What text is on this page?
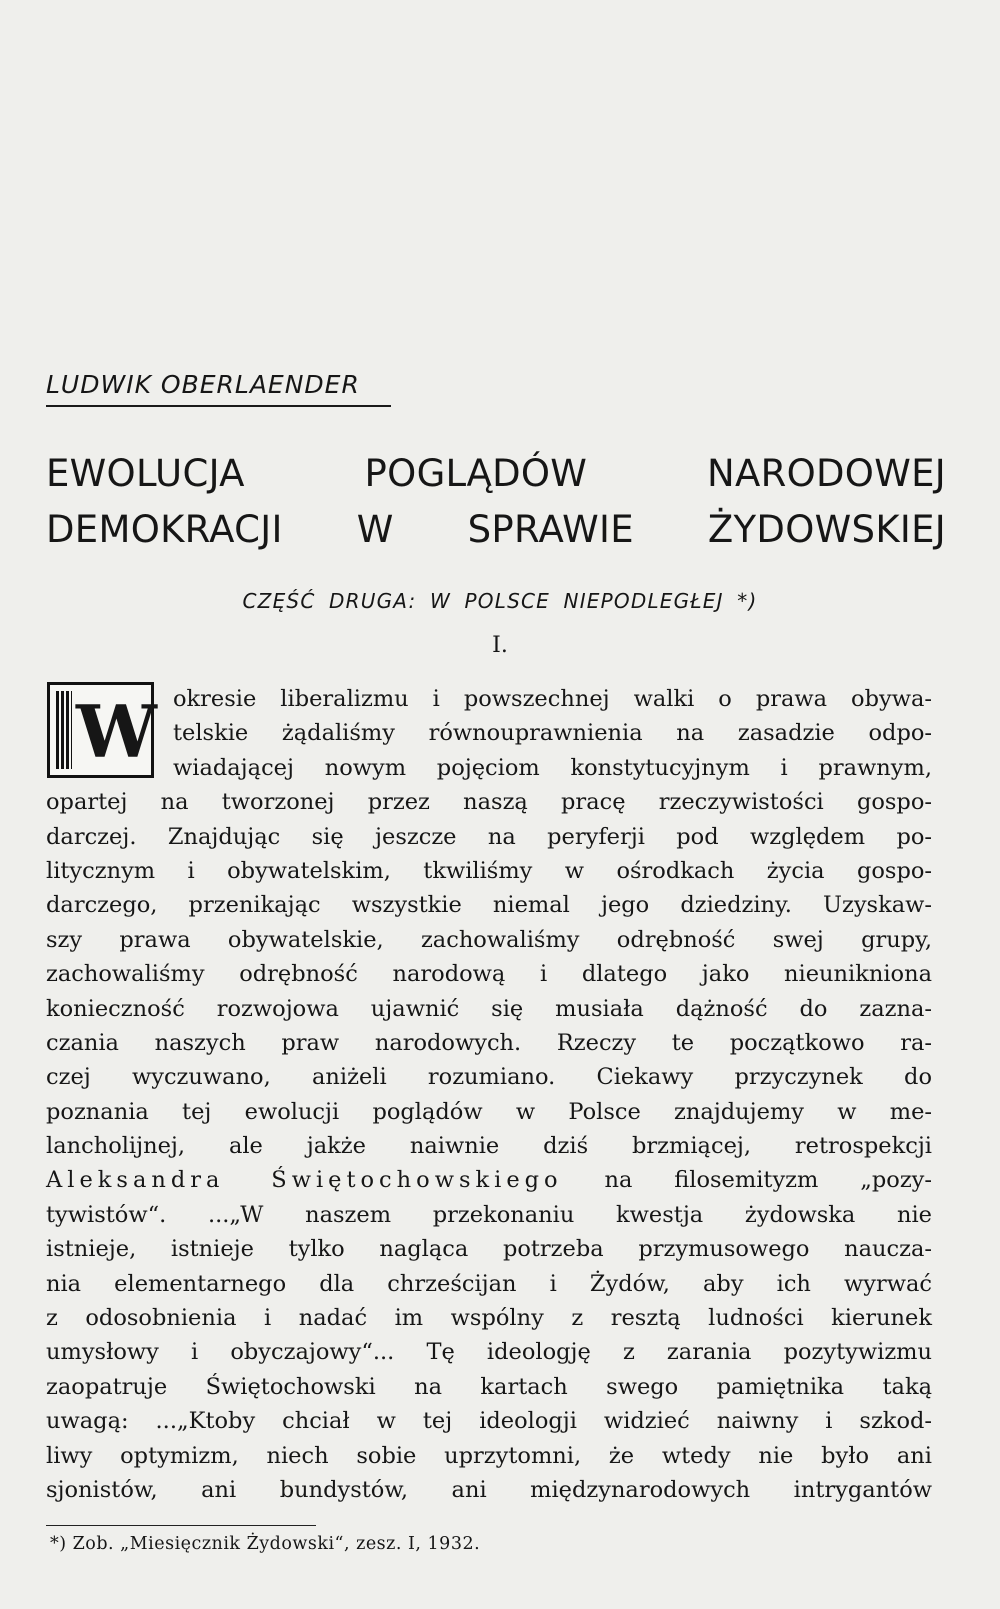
LUDWIK OBERLAENDER
EWOLUCJA POGLĄDÓW NARODOWEJ
DEMOKRACJI W SPRAWIE ŻYDOWSKIEJ
CZĘŚĆ DRUGA: W POLSCE NIEPODLEGŁEJ *)
I.
W okresie liberalizmu i powszechnej walki o prawa obywa-
telskie żądaliśmy równouprawnienia na zasadzie odpo-
wiadającej nowym pojęciom konstytucyjnym i prawnym,
opartej na tworzonej przez naszą pracę rzeczywistości gospo-
darczej. Znajdując się jeszcze na peryferji pod względem po-
litycznym i obywatelskim, tkwiliśmy w ośrodkach życia gospo-
darczego, przenikając wszystkie niemal jego dziedziny. Uzyskaw-
szy prawa obywatelskie, zachowaliśmy odrębność swej grupy,
zachowaliśmy odrębność narodową i dlatego jako nieunikniona
konieczność rozwojowa ujawnić się musiała dążność do zazna-
czania naszych praw narodowych. Rzeczy te początkowo ra-
czej wyczuwano, aniżeli rozumiano. Ciekawy przyczynek do
poznania tej ewolucji poglądów w Polsce znajdujemy w me-
lancholijnej, ale jakże naiwnie dziś brzmiącej, retrospekcji
Aleksandra Świętochowskiego na filosemityzm „pozy-
tywistów“. ...„W naszem przekonaniu kwestja żydowska nie
istnieje, istnieje tylko nagląca potrzeba przymusowego naucza-
nia elementarnego dla chrześcijan i Żydów, aby ich wyrwać
z odosobnienia i nadać im wspólny z resztą ludności kierunek
umysłowy i obyczajowy“... Tę ideologję z zarania pozytywizmu
zaopatruje Świętochowski na kartach swego pamiętnika taką
uwagą: ...„Ktoby chciał w tej ideologji widzieć naiwny i szkod-
liwy optymizm, niech sobie uprzytomni, że wtedy nie było ani
sjonistów, ani bundystów, ani międzynarodowych intrygantów
*) Zob. „Miesięcznik Żydowski“, zesz. I, 1932.
